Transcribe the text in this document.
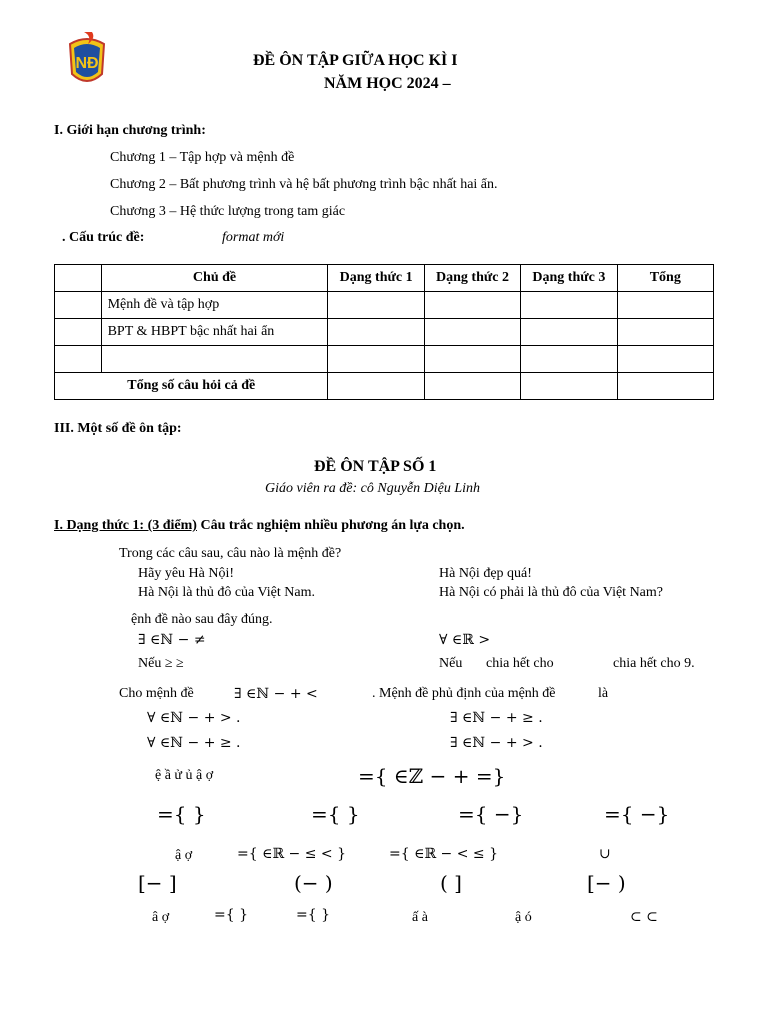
NĐ	ĐỀ ÔN TẬP GIỮA HỌC KÌ I
NĂM HỌC 2024 –
I. Giới hạn chương trình:
Chương 1 – Tập hợp và mệnh đề
Chương 2 – Bất phương trình và hệ bất phương trình bậc nhất hai ẩn.
Chương 3 – Hệ thức lượng trong tam giác
. Cấu trúc đề:	format mới
	Chủ đề	Dạng thức 1	Dạng thức 2	Dạng thức 3	Tổng
	Mệnh đề và tập hợp				
	BPT & HBPT bậc nhất hai ẩn				

Tổng số câu hỏi cả đề					
III. Một số đề ôn tập:
ĐỀ ÔN TẬP SỐ 1
Giáo viên ra đề: cô Nguyễn Diệu Linh
I. Dạng thức 1: (3 điểm) Câu trắc nghiệm nhiều phương án lựa chọn.
Trong các câu sau, câu nào là mệnh đề?
Hãy yêu Hà Nội!	Hà Nội đẹp quá!
Hà Nội là thủ đô của Việt Nam.	Hà Nội có phải là thủ đô của Việt Nam?
ệnh đề nào sau đây đúng.
∃ ∈ℕ − ≠	∀ ∈ℝ >
Nếu ≥ ≥	Nếu chia hết cho	chia hết cho 9.
Cho mệnh đề	∃ ∈ℕ − + <	. Mệnh đề phủ định của mệnh đề	là
∀ ∈ℕ − + > .	∃ ∈ℕ − + ≥ .
∀ ∈ℕ − + ≥ .	∃ ∈ℕ − + > .
ệ ầ ử ủ ậ ợ	={ ∈ℤ − + =}
={ }	={ }	={ −}	={ −}
ậ ợ	={ ∈ℝ − ≤ < }	={ ∈ℝ − < ≤ }	∪
[− ]	(− )	( ]	[− )
â ợ	={ }	={ }	ấ à	ậ ó	⊂ ⊂
